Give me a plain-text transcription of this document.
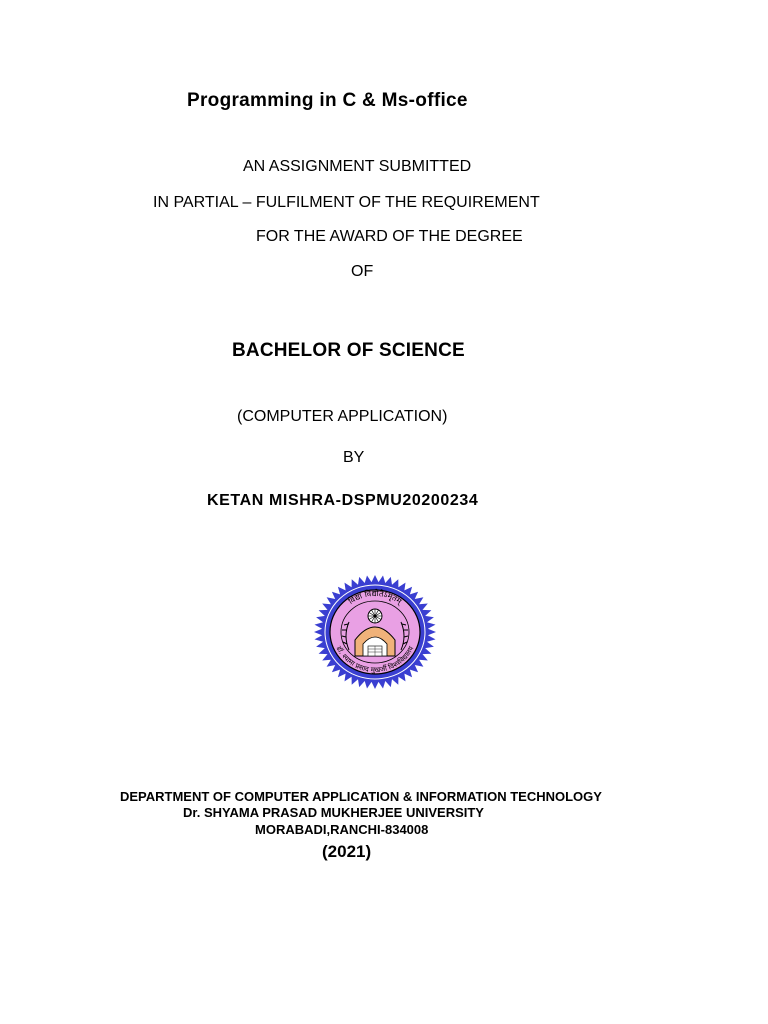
Programming in C & Ms-office
AN ASSIGNMENT SUBMITTED
IN PARTIAL – FULFILMENT OF THE REQUIREMENT
FOR THE AWARD OF THE DEGREE
OF
BACHELOR OF SCIENCE
(COMPUTER APPLICATION)
BY
KETAN MISHRA-DSPMU20200234
विद्या विद्योतेऽमृतम्
डॉ. श्यामा प्रसाद मुखर्जी विश्वविद्यालय
DEPARTMENT OF COMPUTER APPLICATION & INFORMATION TECHNOLOGY
Dr. SHYAMA PRASAD MUKHERJEE UNIVERSITY
MORABADI,RANCHI-834008
(2021)
